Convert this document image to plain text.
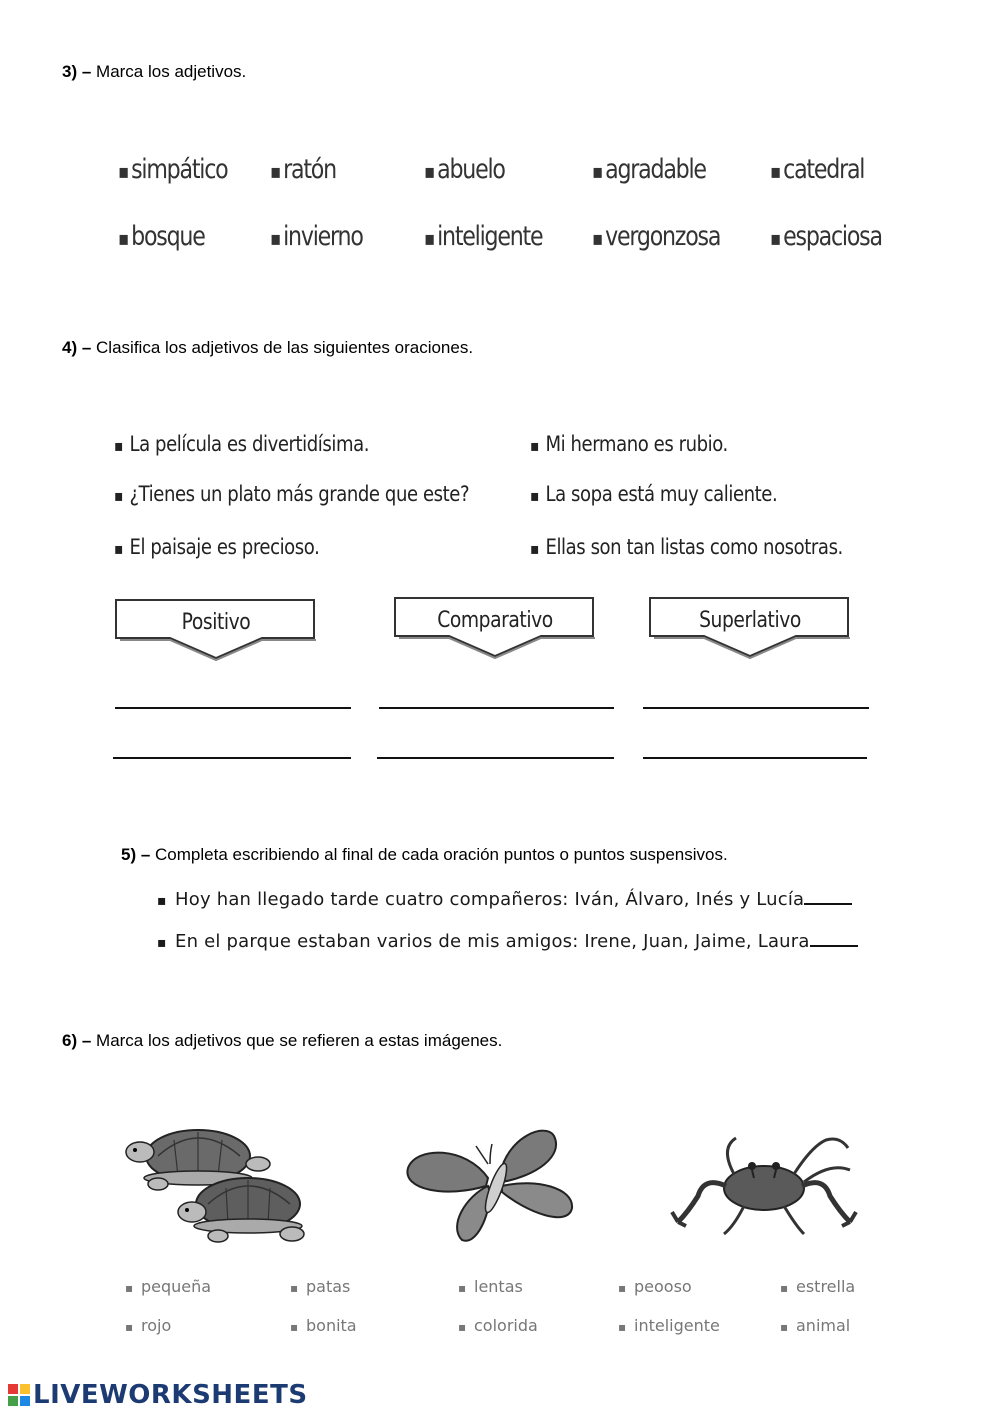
3) – Marca los adjetivos.
▪ simpático ▪ ratón	▪ abuelo	▪ agradable	▪ catedral
▪ bosque	▪ invierno	▪ inteligente ▪ vergonzosa ▪ espaciosa
4) – Clasifica los adjetivos de las siguientes oraciones.
▪ La película es divertidísima.
▪ ¿Tienes un plato más grande que este?
▪ El paisaje es precioso.
▪ Mi hermano es rubio.
▪ La sopa está muy caliente.
▪ Ellas son tan listas como nosotras.
Positivo	Comparativo	Superlativo
5) – Completa escribiendo al final de cada oración puntos o puntos suspensivos.
▪ Hoy han llegado tarde cuatro compañeros: Iván, Álvaro, Inés y Lucía
▪ En el parque estaban varios de mis amigos: Irene, Juan, Jaime, Laura
6) – Marca los adjetivos que se refieren a estas imágenes.
▪ pequeña	▪ patas	▪ lentas	▪ peooso	▪ estrella
▪ rojo	▪ bonita	▪ colorida	▪ inteligente	▪ animal
LIVEWORKSHEETS
